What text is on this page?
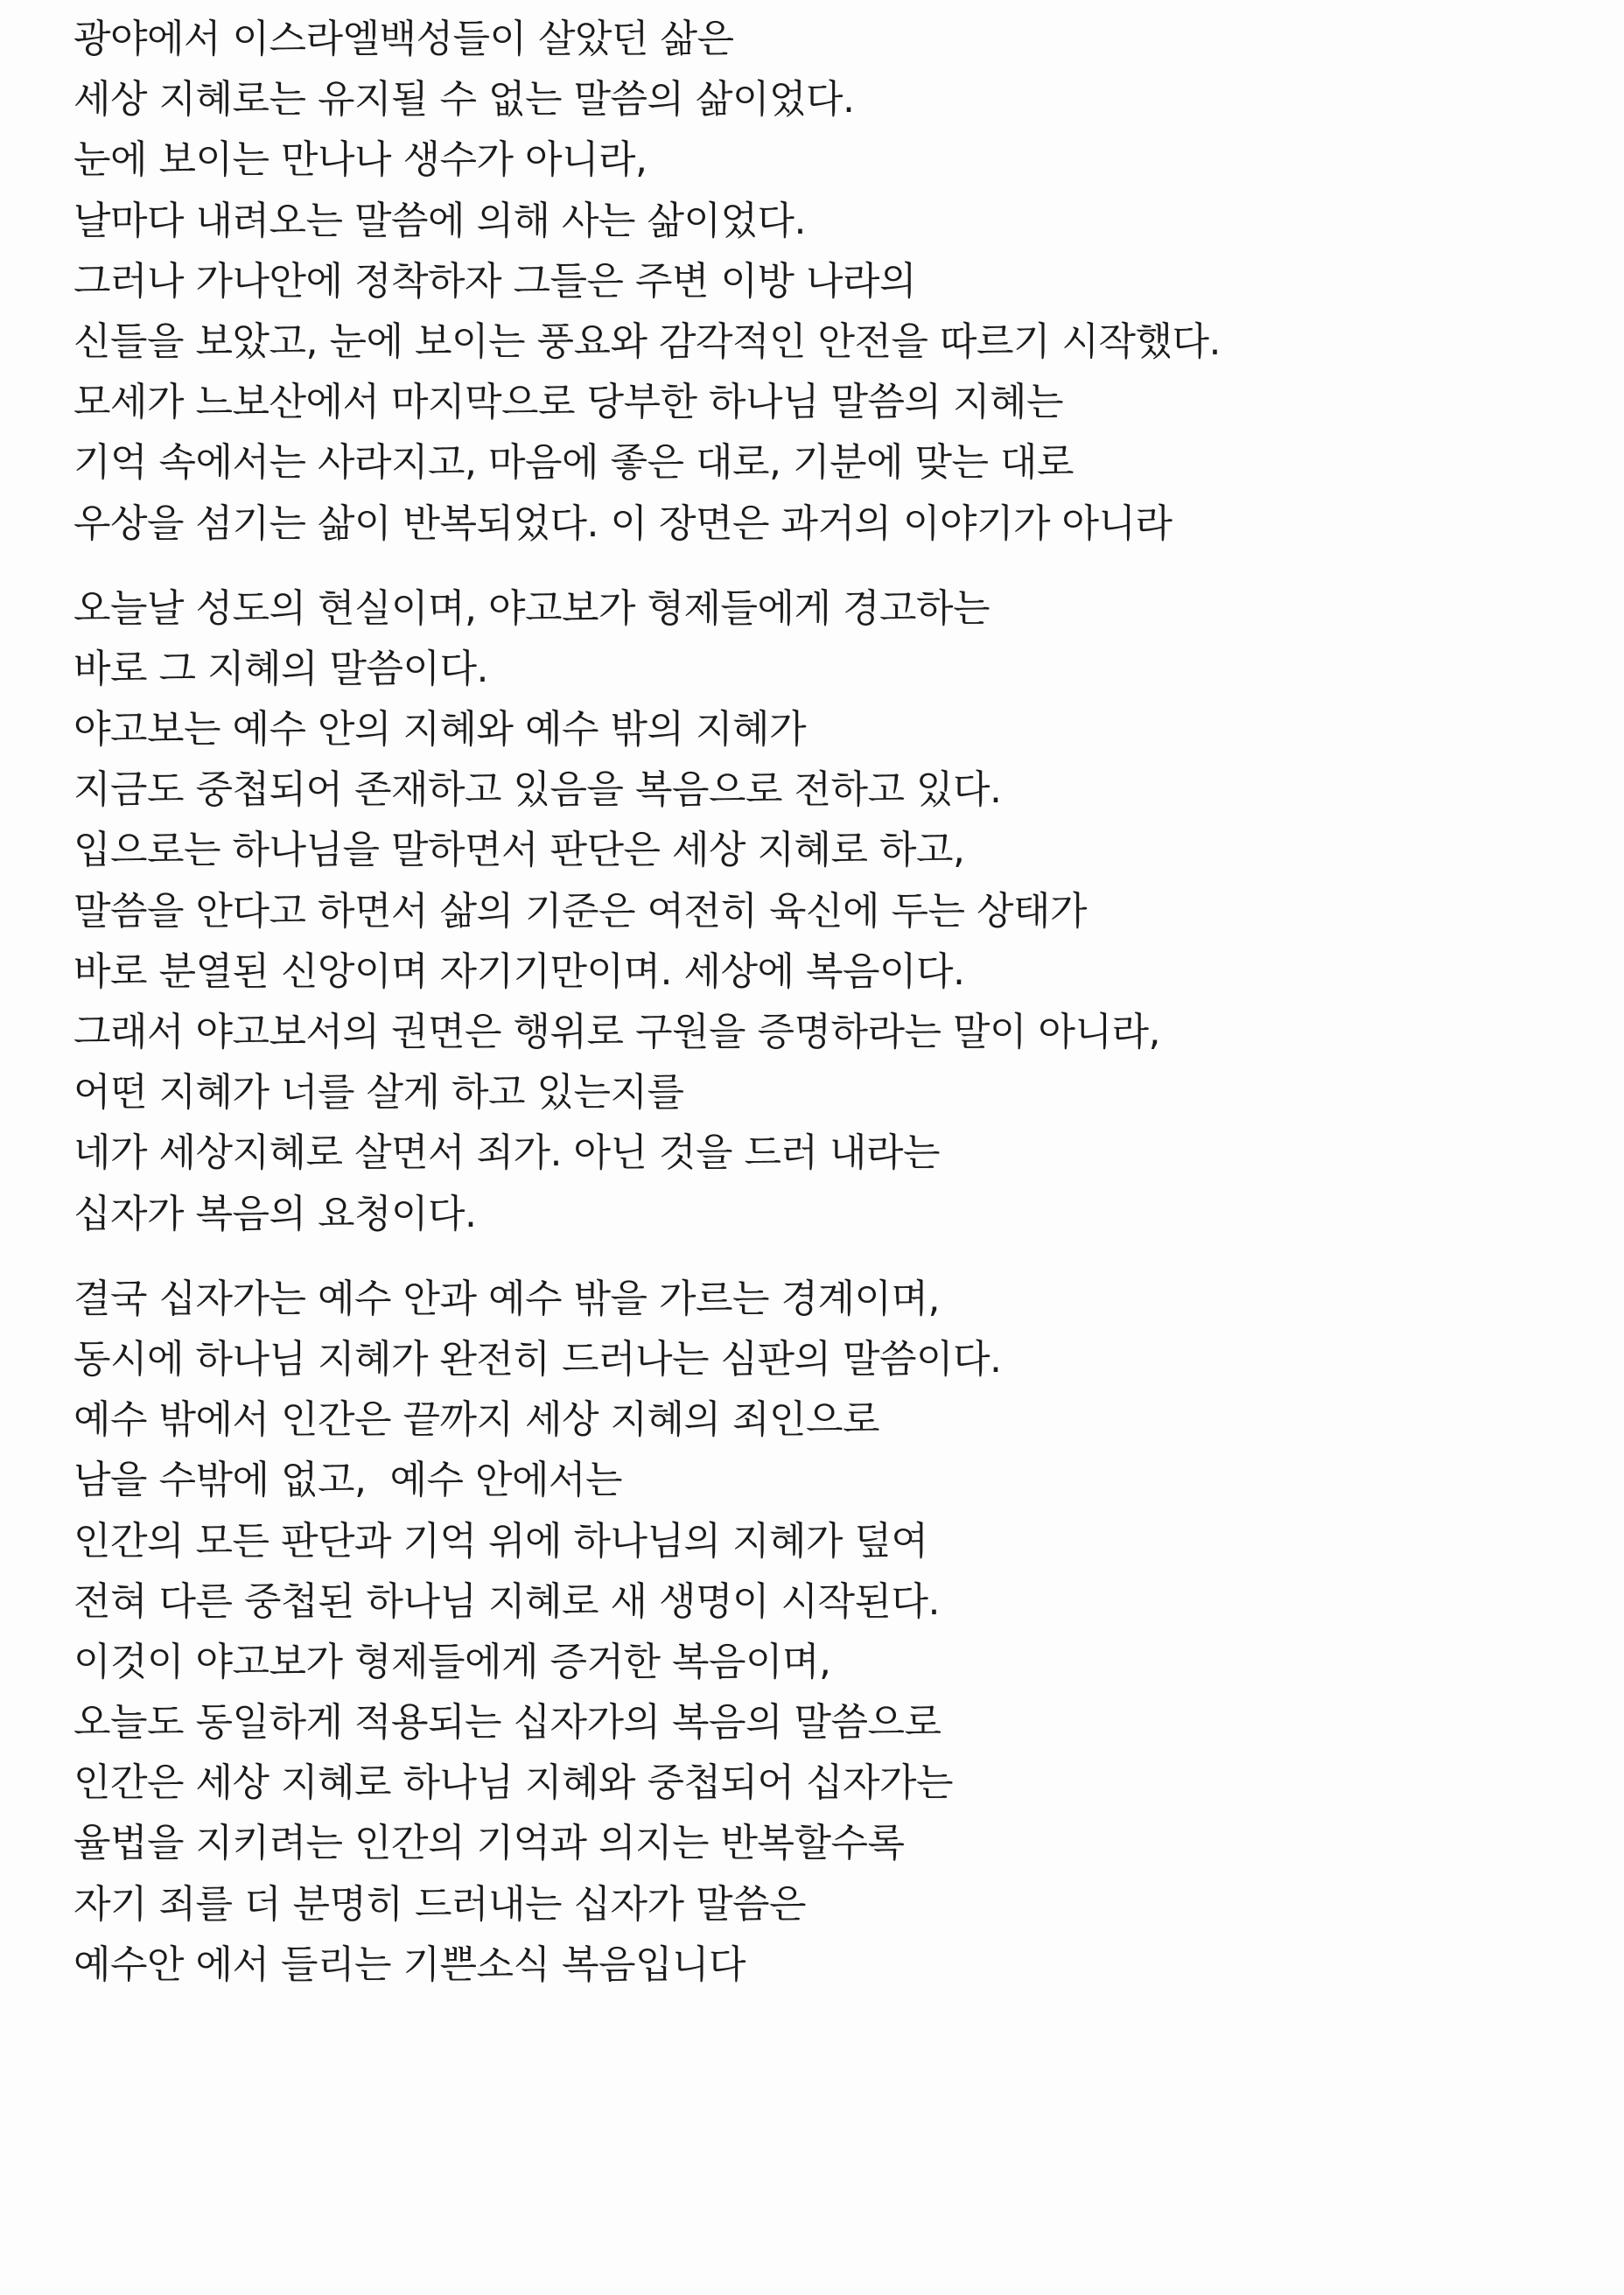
광야에서 이스라엘백성들이 살았던 삶은
세상 지혜로는 유지될 수 없는 말씀의 삶이었다.
눈에 보이는 만나나 생수가 아니라,
날마다 내려오는 말씀에 의해 사는 삶이었다.
그러나 가나안에 정착하자 그들은 주변 이방 나라의
신들을 보았고, 눈에 보이는 풍요와 감각적인 안전을 따르기 시작했다.
모세가 느보산에서 마지막으로 당부한 하나님 말씀의 지혜는
기억 속에서는 사라지고, 마음에 좋은 대로, 기분에 맞는 대로
우상을 섬기는 삶이 반복되었다. 이 장면은 과거의 이야기가 아니라
오늘날 성도의 현실이며, 야고보가 형제들에게 경고하는
바로 그 지혜의 말씀이다.
야고보는 예수 안의 지혜와 예수 밖의 지혜가
지금도 중첩되어 존재하고 있음을 복음으로 전하고 있다.
입으로는 하나님을 말하면서 판단은 세상 지혜로 하고,
말씀을 안다고 하면서 삶의 기준은 여전히 육신에 두는 상태가
바로 분열된 신앙이며 자기기만이며. 세상에 복음이다.
그래서 야고보서의 권면은 행위로 구원을 증명하라는 말이 아니라,
어떤 지혜가 너를 살게 하고 있는지를
네가 세상지혜로 살면서 죄가. 아닌 것을 드러 내라는
십자가 복음의 요청이다.
결국 십자가는 예수 안과 예수 밖을 가르는 경계이며,
동시에 하나님 지혜가 완전히 드러나는 심판의 말씀이다.
예수 밖에서 인간은 끝까지 세상 지혜의 죄인으로
남을 수밖에 없고,  예수 안에서는
인간의 모든 판단과 기억 위에 하나님의 지혜가 덮여
전혀 다른 중첩된 하나님 지혜로 새 생명이 시작된다.
이것이 야고보가 형제들에게 증거한 복음이며,
오늘도 동일하게 적용되는 십자가의 복음의 말씀으로
인간은 세상 지혜로 하나님 지혜와 중첩되어 십자가는
율법을 지키려는 인간의 기억과 의지는 반복할수록
자기 죄를 더 분명히 드러내는 십자가 말씀은
예수안 에서 들리는 기쁜소식 복음입니다
